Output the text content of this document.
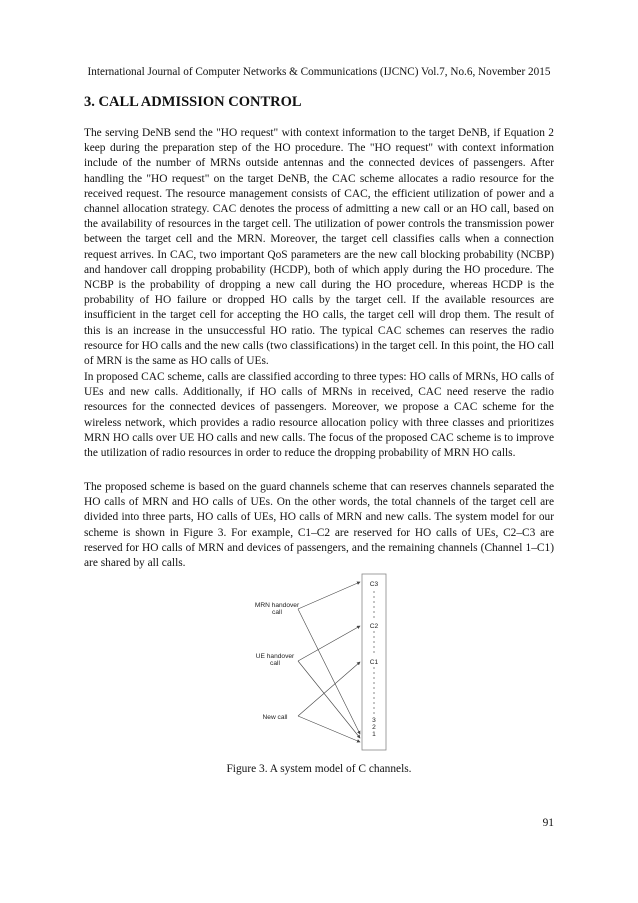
International Journal of Computer Networks & Communications (IJCNC) Vol.7, No.6, November 2015
3. CALL ADMISSION CONTROL

The serving DeNB send the "HO request" with context information to the target DeNB, if Equation 2 keep during the preparation step of the HO procedure. The "HO request" with context information include of the number of MRNs outside antennas and the connected devices of passengers. After handling the "HO request" on the target DeNB, the CAC scheme allocates a radio resource for the received request. The resource management consists of CAC, the efficient utilization of power and a channel allocation strategy. CAC denotes the process of admitting a new call or an HO call, based on the availability of resources in the target cell. The utilization of power controls the transmission power between the target cell and the MRN. Moreover, the target cell classifies calls when a connection request arrives. In CAC, two important QoS parameters are the new call blocking probability (NCBP) and handover call dropping probability (HCDP), both of which apply during the HO procedure. The NCBP is the probability of dropping a new call during the HO procedure, whereas HCDP is the probability of HO failure or dropped HO calls by the target cell. If the available resources are insufficient in the target cell for accepting the HO calls, the target cell will drop them. The result of this is an increase in the unsuccessful HO ratio. The typical CAC schemes can reserves the radio resource for HO calls and the new calls (two classifications) in the target cell. In this point, the HO call of MRN is the same as HO calls of UEs.

In proposed CAC scheme, calls are classified according to three types: HO calls of MRNs, HO calls of UEs and new calls. Additionally, if HO calls of MRNs in received, CAC need reserve the radio resources for the connected devices of passengers. Moreover, we propose a CAC scheme for the wireless network, which provides a radio resource allocation policy with three classes and prioritizes MRN HO calls over UE HO calls and new calls. The focus of the proposed CAC scheme is to improve the utilization of radio resources in order to reduce the dropping probability of MRN HO calls.

The proposed scheme is based on the guard channels scheme that can reserves channels separated the HO calls of MRN and HO calls of UEs. On the other words, the total channels of the target cell are divided into three parts, HO calls of UEs, HO calls of MRN and new calls. The system model for our scheme is shown in Figure 3. For example, C1–C2 are reserved for HO calls of UEs, C2–C3 are reserved for HO calls of MRN and devices of passengers, and the remaining channels (Channel 1–C1) are shared by all calls.

C3
C2
C1
3
2
1
MRN handover
call
UE handover
call
New call
Figure 3. A system model of C channels.
91
